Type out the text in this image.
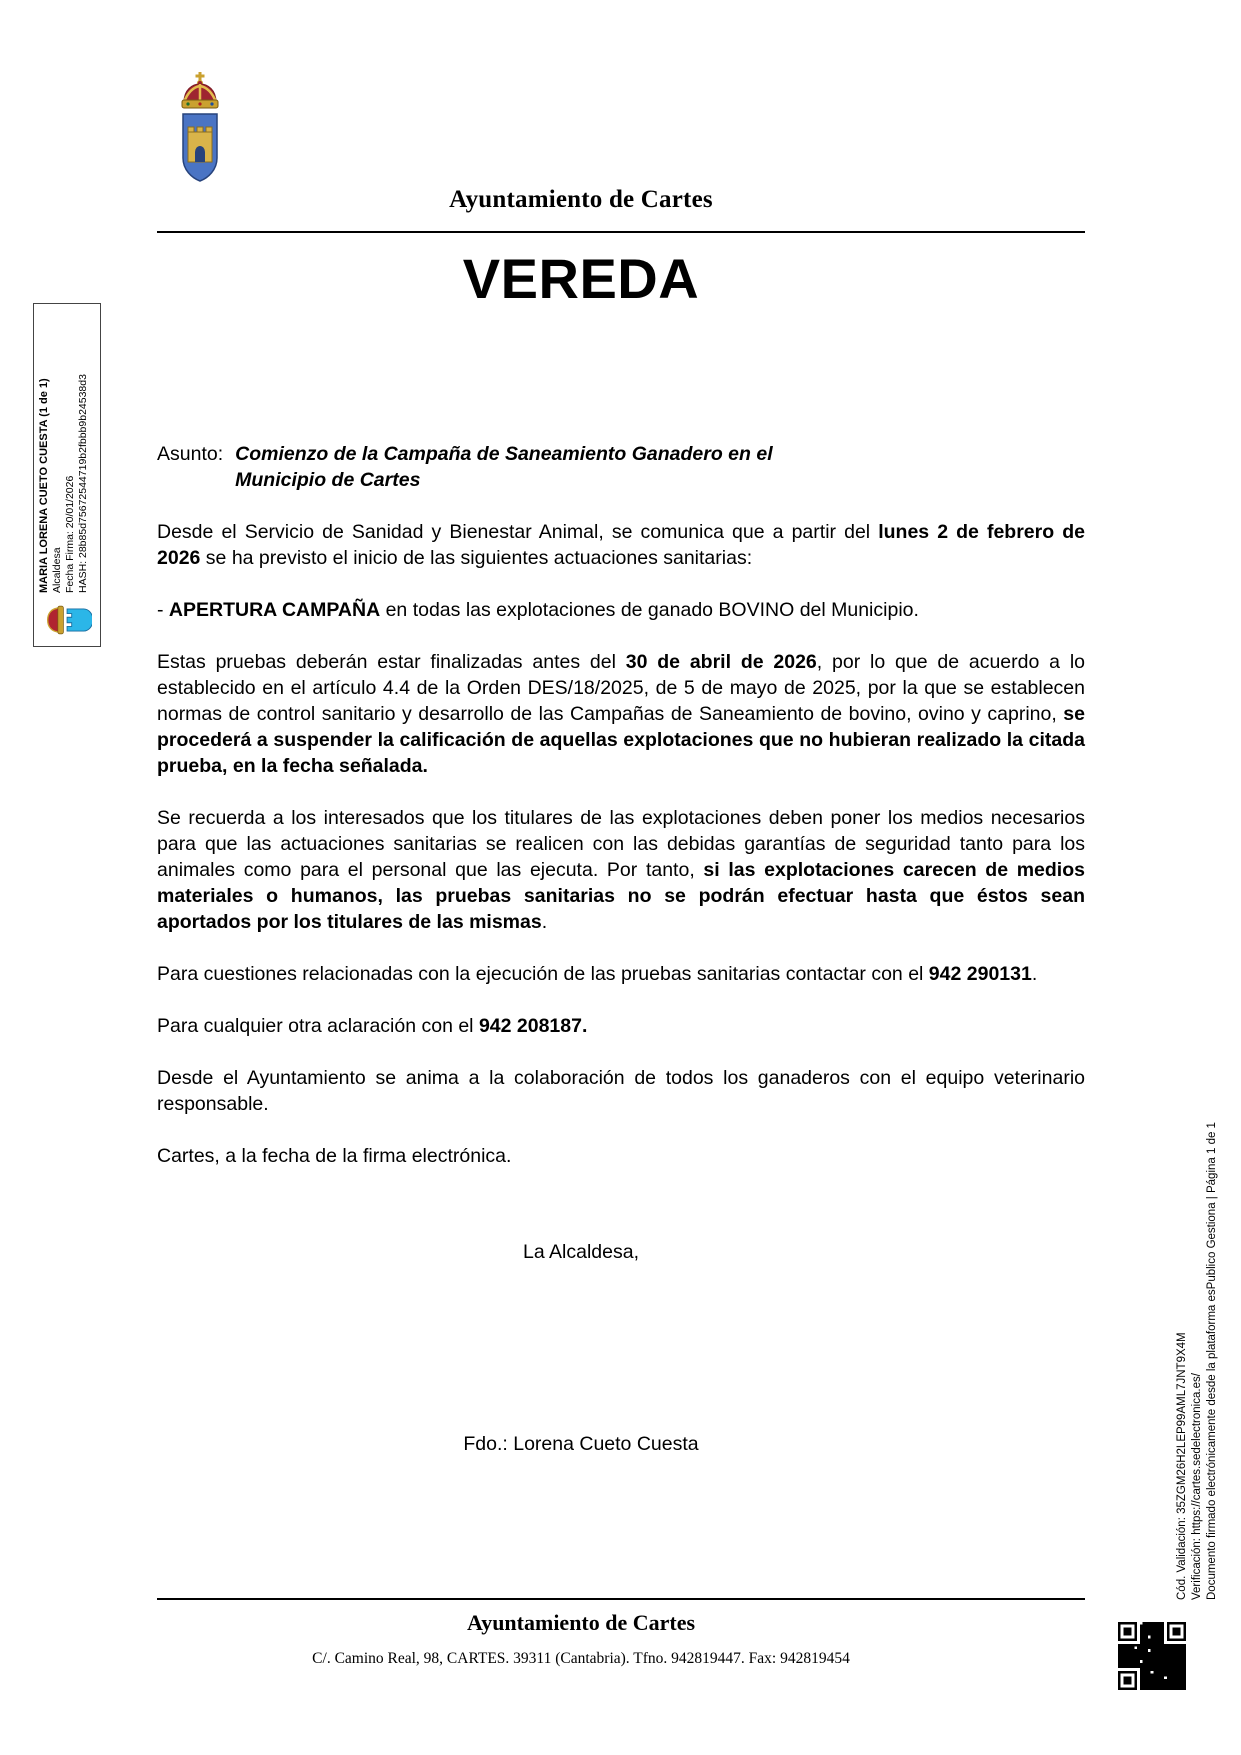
Ayuntamiento de Cartes
VEREDA
Asunto: Comienzo de la Campaña de Saneamiento Ganadero en el Municipio de Cartes

Desde el Servicio de Sanidad y Bienestar Animal, se comunica que a partir del lunes 2 de febrero de 2026 se ha previsto el inicio de las siguientes actuaciones sanitarias:

- APERTURA CAMPAÑA en todas las explotaciones de ganado BOVINO del Municipio.

Estas pruebas deberán estar finalizadas antes del 30 de abril de 2026, por lo que de acuerdo a lo establecido en el artículo 4.4 de la Orden DES/18/2025, de 5 de mayo de 2025, por la que se establecen normas de control sanitario y desarrollo de las Campañas de Saneamiento de bovino, ovino y caprino, se procederá a suspender la calificación de aquellas explotaciones que no hubieran realizado la citada prueba, en la fecha señalada.

Se recuerda a los interesados que los titulares de las explotaciones deben poner los medios necesarios para que las actuaciones sanitarias se realicen con las debidas garantías de seguridad tanto para los animales como para el personal que las ejecuta. Por tanto, si las explotaciones carecen de medios materiales o humanos, las pruebas sanitarias no se podrán efectuar hasta que éstos sean aportados por los titulares de las mismas.

Para cuestiones relacionadas con la ejecución de las pruebas sanitarias contactar con el 942 290131.

Para cualquier otra aclaración con el 942 208187.

Desde el Ayuntamiento se anima a la colaboración de todos los ganaderos con el equipo veterinario responsable.

Cartes, a la fecha de la firma electrónica.

La Alcaldesa,

Fdo.: Lorena Cueto Cuesta

Ayuntamiento de Cartes
C/. Camino Real, 98, CARTES. 39311 (Cantabria). Tfno. 942819447. Fax: 942819454
MARIA LORENA CUETO CUESTA (1 de 1) Alcaldesa Fecha Firma: 20/01/2026 HASH: 28b85d75672544719b2fbbb9b24538d3
Cód. Validación: 35ZGM26H2LEP99AML7JNT9X4M Verificación: https://cartes.sedelectronica.es/ Documento firmado electrónicamente desde la plataforma esPublico Gestiona | Página 1 de 1
